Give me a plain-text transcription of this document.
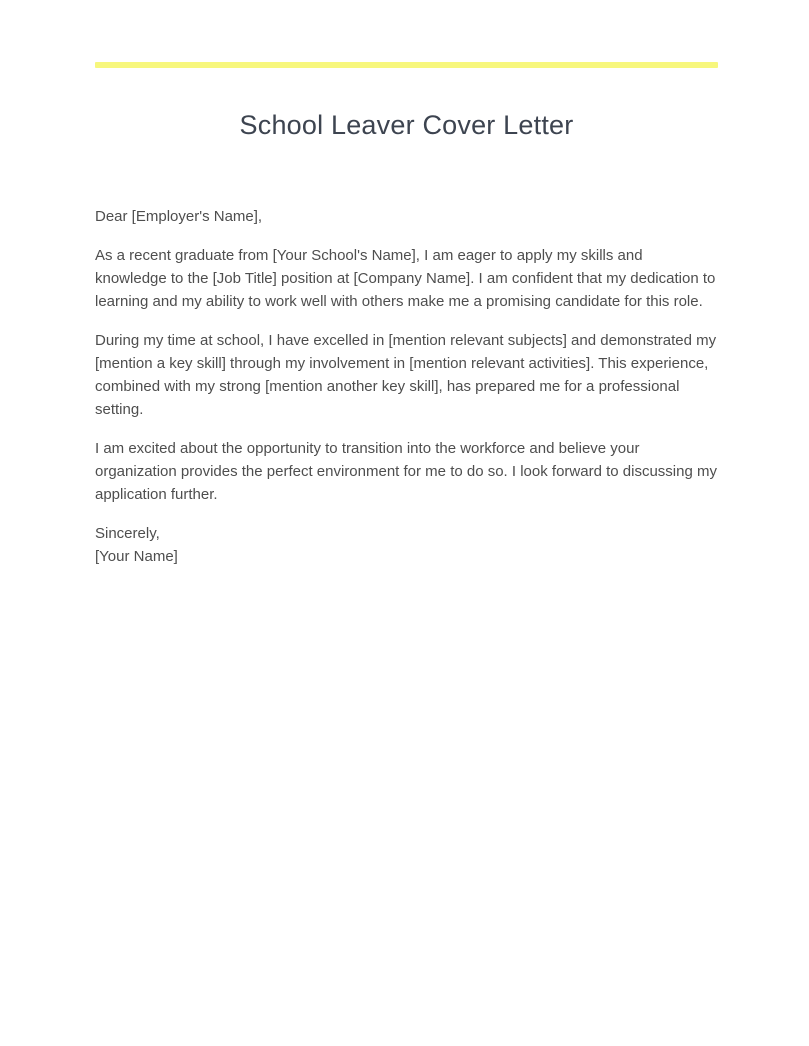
School Leaver Cover Letter

Dear [Employer's Name],

As a recent graduate from [Your School's Name], I am eager to apply my skills and knowledge to the [Job Title] position at [Company Name]. I am confident that my dedication to learning and my ability to work well with others make me a promising candidate for this role.

During my time at school, I have excelled in [mention relevant subjects] and demonstrated my [mention a key skill] through my involvement in [mention relevant activities]. This experience, combined with my strong [mention another key skill], has prepared me for a professional setting.

I am excited about the opportunity to transition into the workforce and believe your organization provides the perfect environment for me to do so. I look forward to discussing my application further.

Sincerely,
[Your Name]
